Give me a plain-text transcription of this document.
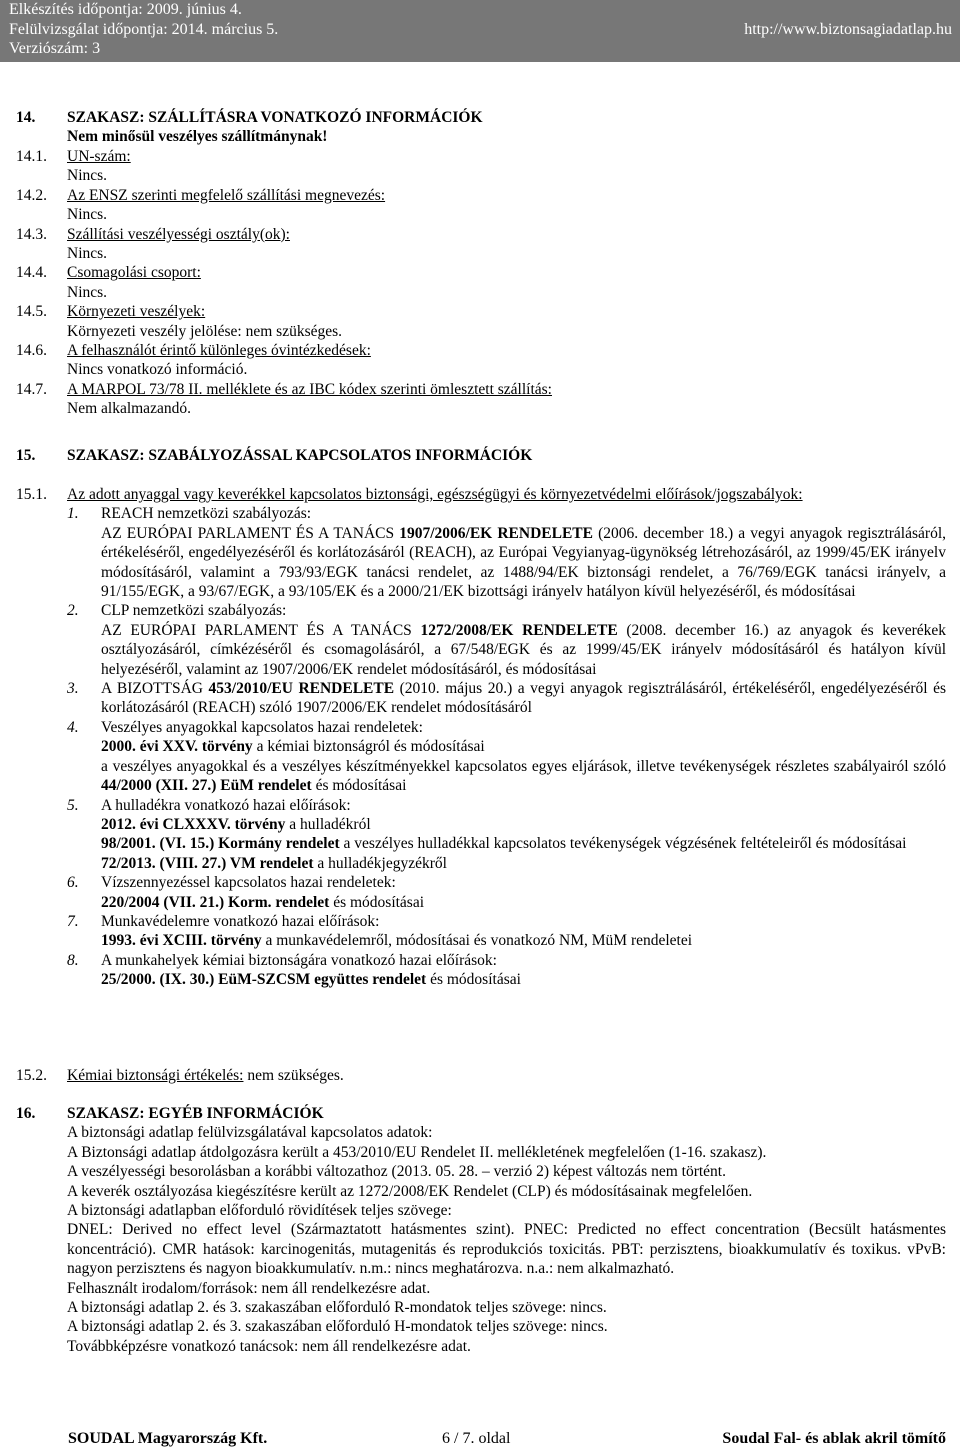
Elkészítés időpontja: 2009. június 4.
Felülvizsgálat időpontja: 2014. március 5.
Verziószám: 3
http://www.biztonsagiadatlap.hu
14.	SZAKASZ: SZÁLLÍTÁSRA VONATKOZÓ INFORMÁCIÓK
Nem minősül veszélyes szállítmánynak!
14.1.	UN-szám:
Nincs.
14.2.	Az ENSZ szerinti megfelelő szállítási megnevezés:
Nincs.
14.3.	Szállítási veszélyességi osztály(ok):
Nincs.
14.4.	Csomagolási csoport:
Nincs.
14.5.	Környezeti veszélyek:
Környezeti veszély jelölése: nem szükséges.
14.6.	A felhasználót érintő különleges óvintézkedések:
Nincs vonatkozó információ.
14.7.	A MARPOL 73/78 II. melléklete és az IBC kódex szerinti ömlesztett szállítás:
Nem alkalmazandó.
15.	SZAKASZ: SZABÁLYOZÁSSAL KAPCSOLATOS INFORMÁCIÓK
15.1.	Az adott anyaggal vagy keverékkel kapcsolatos biztonsági, egészségügyi és környezetvédelmi előírások/jogszabályok:
1. REACH nemzetközi szabályozás:

AZ EURÓPAI PARLAMENT ÉS A TANÁCS 1907/2006/EK RENDELETE (2006. december 18.) a vegyi anyagok regisztrálásáról, értékeléséről, engedélyezéséről és korlátozásáról (REACH), az Európai Vegyianyag-ügynökség létrehozásáról, az 1999/45/EK irányelv módosításáról, valamint a 793/93/EGK tanácsi rendelet, az 1488/94/EK biztonsági rendelet, a 76/769/EGK tanácsi irányelv, a 91/155/EGK, a 93/67/EGK, a 93/105/EK és a 2000/21/EK bizottsági irányelv hatályon kívül helyezéséről, és módosításai

2. CLP nemzetközi szabályozás:

AZ EURÓPAI PARLAMENT ÉS A TANÁCS 1272/2008/EK RENDELETE (2008. december 16.) az anyagok és keverékek osztályozásáról, címkézéséről és csomagolásáról, a 67/548/EGK és az 1999/45/EK irányelv módosításáról és hatályon kívül helyezéséről, valamint az 1907/2006/EK rendelet módosításáról, és módosításai

3. A BIZOTTSÁG 453/2010/EU RENDELETE (2010. május 20.) a vegyi anyagok regisztrálásáról, értékeléséről, engedélyezéséről és korlátozásáról (REACH) szóló 1907/2006/EK rendelet módosításáról

4. Veszélyes anyagokkal kapcsolatos hazai rendeletek:

2000. évi XXV. törvény a kémiai biztonságról és módosításai

a veszélyes anyagokkal és a veszélyes készítményekkel kapcsolatos egyes eljárások, illetve tevékenységek részletes szabályairól szóló 44/2000 (XII. 27.) EüM rendelet és módosításai

5. A hulladékra vonatkozó hazai előírások:

2012. évi CLXXXV. törvény a hulladékról

98/2001. (VI. 15.) Kormány rendelet a veszélyes hulladékkal kapcsolatos tevékenységek végzésének feltételeiről és módosításai

72/2013. (VIII. 27.) VM rendelet a hulladékjegyzékről

6. Vízszennyezéssel kapcsolatos hazai rendeletek:

220/2004 (VII. 21.) Korm. rendelet és módosításai

7. Munkavédelemre vonatkozó hazai előírások:

1993. évi XCIII. törvény a munkavédelemről, módosításai és vonatkozó NM, MüM rendeletei

8. A munkahelyek kémiai biztonságára vonatkozó hazai előírások:

25/2000. (IX. 30.) EüM-SZCSM együttes rendelet és módosításai

15.2.	Kémiai biztonsági értékelés: nem szükséges.
16.	SZAKASZ: EGYÉB INFORMÁCIÓK

A biztonsági adatlap felülvizsgálatával kapcsolatos adatok:

A Biztonsági adatlap átdolgozásra került a 453/2010/EU Rendelet II. mellékletének megfelelően (1-16. szakasz).

A veszélyességi besorolásban a korábbi változathoz (2013. 05. 28. – verzió 2) képest változás nem történt.

A keverék osztályozása kiegészítésre került az 1272/2008/EK Rendelet (CLP) és módosításainak megfelelően.

A biztonsági adatlapban előforduló rövidítések teljes szövege:

DNEL: Derived no effect level (Származtatott hatásmentes szint). PNEC: Predicted no effect concentration (Becsült hatásmentes koncentráció). CMR hatások: karcinogenitás, mutagenitás és reprodukciós toxicitás. PBT: perzisztens, bioakkumulatív és toxikus. vPvB: nagyon perzisztens és nagyon bioakkumulatív. n.m.: nincs meghatározva. n.a.: nem alkalmazható.

Felhasznált irodalom/források: nem áll rendelkezésre adat.

A biztonsági adatlap 2. és 3. szakaszában előforduló R-mondatok teljes szövege: nincs.

A biztonsági adatlap 2. és 3. szakaszában előforduló H-mondatok teljes szövege: nincs.

Továbbképzésre vonatkozó tanácsok: nem áll rendelkezésre adat.

SOUDAL Magyarország Kft.	6 / 7. oldal	Soudal Fal- és ablak akril tömítő
